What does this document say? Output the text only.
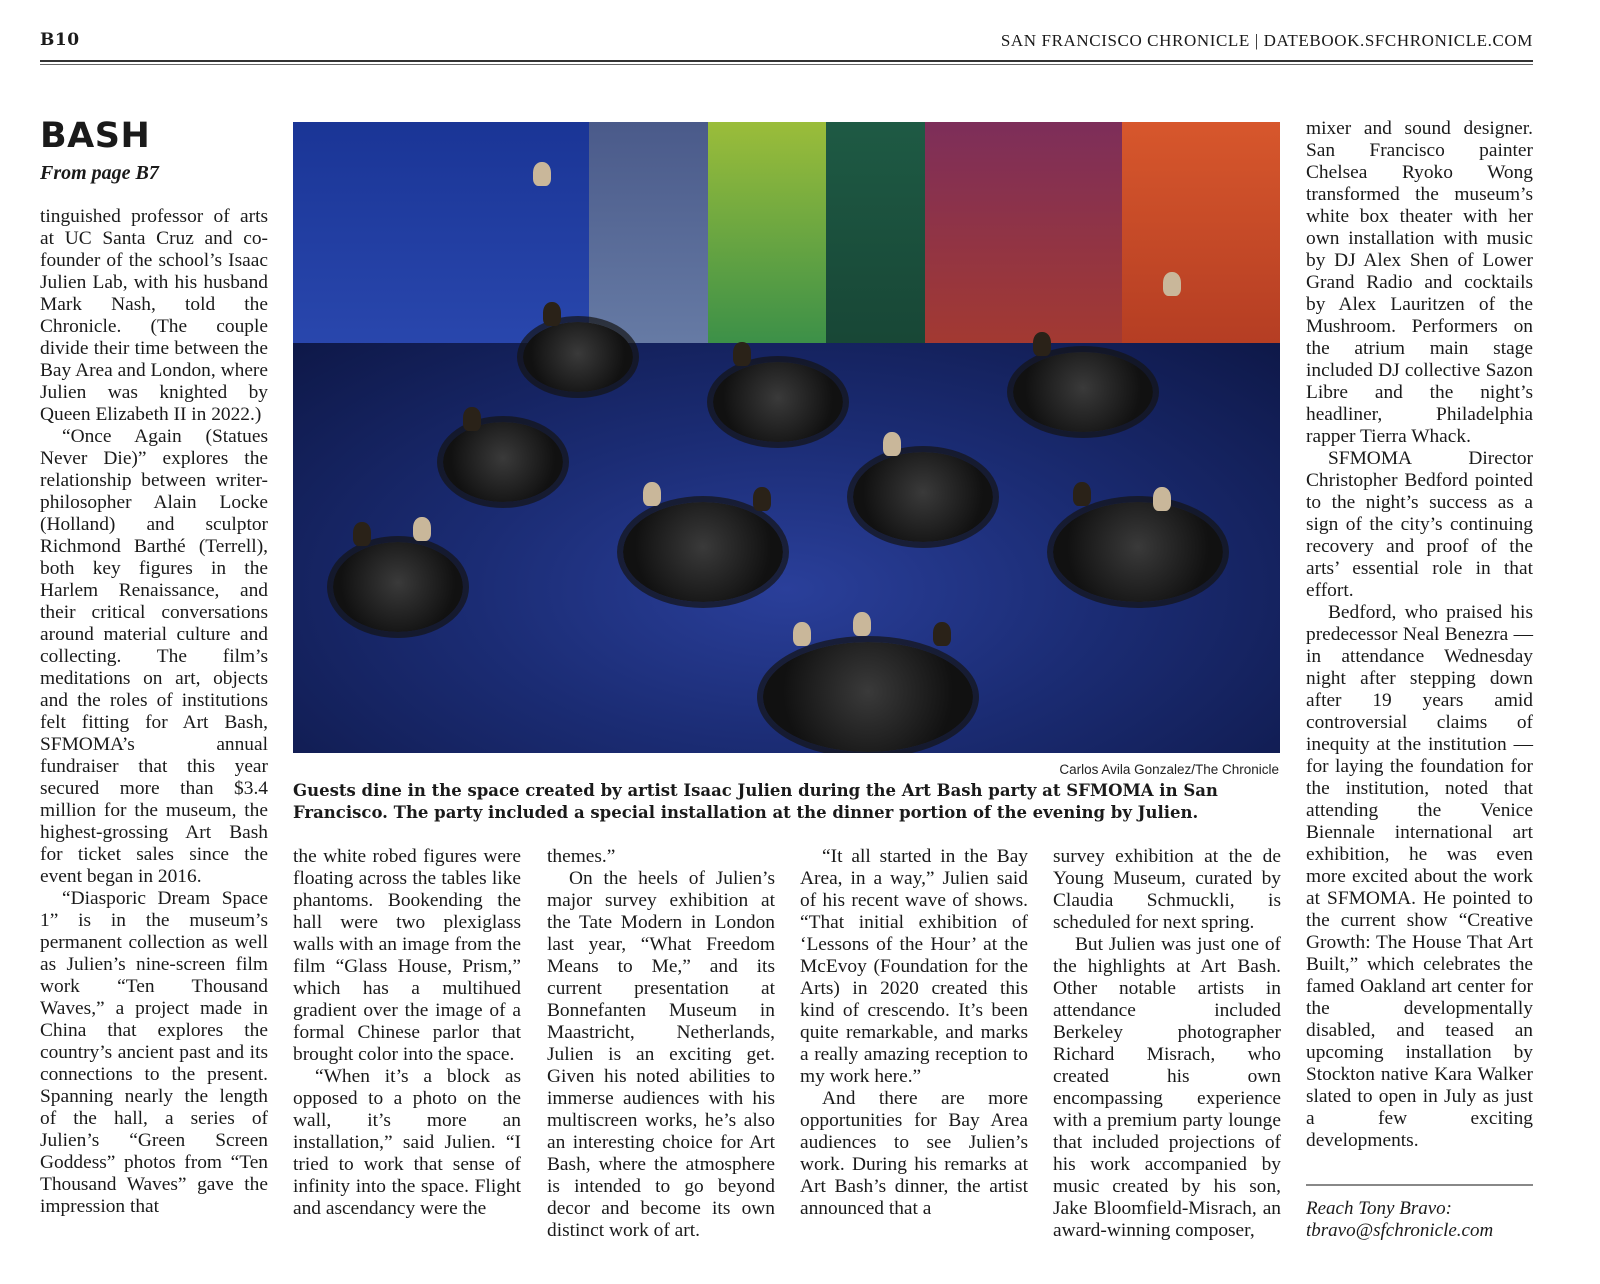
B10	SAN FRANCISCO CHRONICLE | DATEBOOK.SFCHRONICLE.COM
BASH
From page B7

tinguished professor of arts at UC Santa Cruz and co-founder of the school’s Isaac Julien Lab, with his husband Mark Nash, told the Chronicle. (The couple divide their time between the Bay Area and London, where Julien was knighted by Queen Elizabeth II in 2022.)

“Once Again (Statues Never Die)” explores the relationship between writer-philosopher Alain Locke (Holland) and sculptor Richmond Barthé (Terrell), both key figures in the Harlem Renaissance, and their critical conversations around material culture and collecting. The film’s meditations on art, objects and the roles of institutions felt fitting for Art Bash, SFMOMA’s annual fundraiser that this year secured more than $3.4 million for the museum, the highest-grossing Art Bash for ticket sales since the event began in 2016.

“Diasporic Dream Space 1” is in the museum’s permanent collection as well as Julien’s nine-screen film work “Ten Thousand Waves,” a project made in China that explores the country’s ancient past and its connections to the present. Spanning nearly the length of the hall, a series of Julien’s “Green Screen Goddess” photos from “Ten Thousand Waves” gave the impression that

Carlos Avila Gonzalez/The Chronicle
Guests dine in the space created by artist Isaac Julien during the Art Bash party at SFMOMA in San Francisco. The party included a special installation at the dinner portion of the evening by Julien.

the white robed figures were floating across the tables like phantoms. Bookending the hall were two plexiglass walls with an image from the film “Glass House, Prism,” which has a multihued gradient over the image of a formal Chinese parlor that brought color into the space.

“When it’s a block as opposed to a photo on the wall, it’s more an installation,” said Julien. “I tried to work that sense of infinity into the space. Flight and ascendancy were the

themes.”

On the heels of Julien’s major survey exhibition at the Tate Modern in London last year, “What Freedom Means to Me,” and its current presentation at Bonnefanten Museum in Maastricht, Netherlands, Julien is an exciting get. Given his noted abilities to immerse audiences with his multiscreen works, he’s also an interesting choice for Art Bash, where the atmosphere is intended to go beyond decor and become its own distinct work of art.

“It all started in the Bay Area, in a way,” Julien said of his recent wave of shows. “That initial exhibition of ‘Lessons of the Hour’ at the McEvoy (Foundation for the Arts) in 2020 created this kind of crescendo. It’s been quite remarkable, and marks a really amazing reception to my work here.”

And there are more opportunities for Bay Area audiences to see Julien’s work. During his remarks at Art Bash’s dinner, the artist announced that a

survey exhibition at the de Young Museum, curated by Claudia Schmuckli, is scheduled for next spring.

But Julien was just one of the highlights at Art Bash. Other notable artists in attendance included Berkeley photographer Richard Misrach, who created his own encompassing experience with a premium party lounge that included projections of his work accompanied by music created by his son, Jake Bloomfield-Misrach, an award-winning composer,

mixer and sound designer. San Francisco painter Chelsea Ryoko Wong transformed the museum’s white box theater with her own installation with music by DJ Alex Shen of Lower Grand Radio and cocktails by Alex Lauritzen of the Mushroom. Performers on the atrium main stage included DJ collective Sazon Libre and the night’s headliner, Philadelphia rapper Tierra Whack.

SFMOMA Director Christopher Bedford pointed to the night’s success as a sign of the city’s continuing recovery and proof of the arts’ essential role in that effort.

Bedford, who praised his predecessor Neal Benezra — in attendance Wednesday night after stepping down after 19 years amid controversial claims of inequity at the institution — for laying the foundation for the institution, noted that attending the Venice Biennale international art exhibition, he was even more excited about the work at SFMOMA. He pointed to the current show “Creative Growth: The House That Art Built,” which celebrates the famed Oakland art center for the developmentally disabled, and teased an upcoming installation by Stockton native Kara Walker slated to open in July as just a few exciting developments.

Reach Tony Bravo:
tbravo@sfchronicle.com
